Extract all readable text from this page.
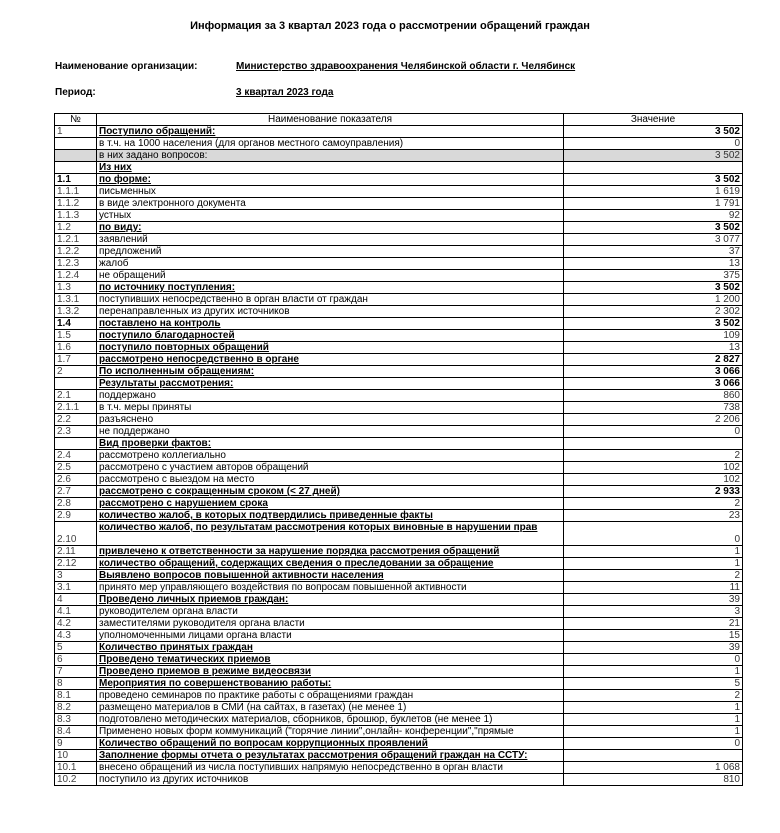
Информация за 3 квартал 2023 года о рассмотрении обращений граждан
Наименование организации:	Министерство здравоохранения Челябинской области г. Челябинск
Период:	3 квартал 2023 года
№	Наименование показателя	Значение
1	Поступило обращений:	3 502
	в т.ч. на 1000 населения (для органов местного самоуправления)	0
	в них задано вопросов:	3 502
	Из них	
1.1	по форме:	3 502
1.1.1	письменных	1 619
1.1.2	в виде электронного документа	1 791
1.1.3	устных	92
1.2	по виду:	3 502
1.2.1	заявлений	3 077
1.2.2	предложений	37
1.2.3	жалоб	13
1.2.4	не обращений	375
1.3	по источнику поступления:	3 502
1.3.1	поступивших непосредственно в орган власти от граждан	1 200
1.3.2	перенаправленных из других источников	2 302
1.4	поставлено на контроль	3 502
1.5	поступило благодарностей	109
1.6	поступило повторных обращений	13
1.7	рассмотрено непосредственно в органе	2 827
2	По исполненным обращениям:	3 066
	Результаты рассмотрения:	3 066
2.1	поддержано	860
2.1.1	в т.ч. меры приняты	738
2.2	разъяснено	2 206
2.3	не поддержано	0
	Вид проверки фактов:	
2.4	рассмотрено коллегиально	2
2.5	рассмотрено с участием авторов обращений	102
2.6	рассмотрено с выездом на место	102
2.7	рассмотрено с сокращенным сроком (< 27 дней)	2 933
2.8	рассмотрено с нарушением срока	2
2.9	количество жалоб, в которых подтвердились приведенные факты	23
2.10	количество жалоб, по результатам рассмотрения которых виновные в нарушении прав	0
2.11	привлечено к ответственности за нарушение порядка рассмотрения обращений	1
2.12	количество обращений, содержащих сведения о преследовании за обращение	1
3	Выявлено вопросов повышенной активности населения	2
3.1	принято мер управляющего воздействия по вопросам повышенной активности	11
4	Проведено личных приемов граждан:	39
4.1	руководителем органа власти	3
4.2	заместителями руководителя органа власти	21
4.3	уполномоченными лицами органа власти	15
5	Количество принятых граждан	39
6	Проведено тематических приемов	0
7	Проведено приемов в режиме видеосвязи	1
8	Мероприятия по совершенствованию работы:	5
8.1	проведено семинаров по практике работы с обращениями граждан	2
8.2	размещено материалов в СМИ (на сайтах, в газетах) (не менее 1)	1
8.3	подготовлено методических материалов, сборников, брошюр, буклетов (не менее 1)	1
8.4	Применено новых форм коммуникаций ("горячие линии",онлайн- конференции","прямые	1
9	Количество обращений по вопросам коррупционных проявлений	0
10	Заполнение формы отчета о результатах рассмотрения обращений граждан на ССТУ:	
10.1	внесено обращений из числа поступивших напрямую непосредственно в орган власти	1 068
10.2	поступило из других источников	810
